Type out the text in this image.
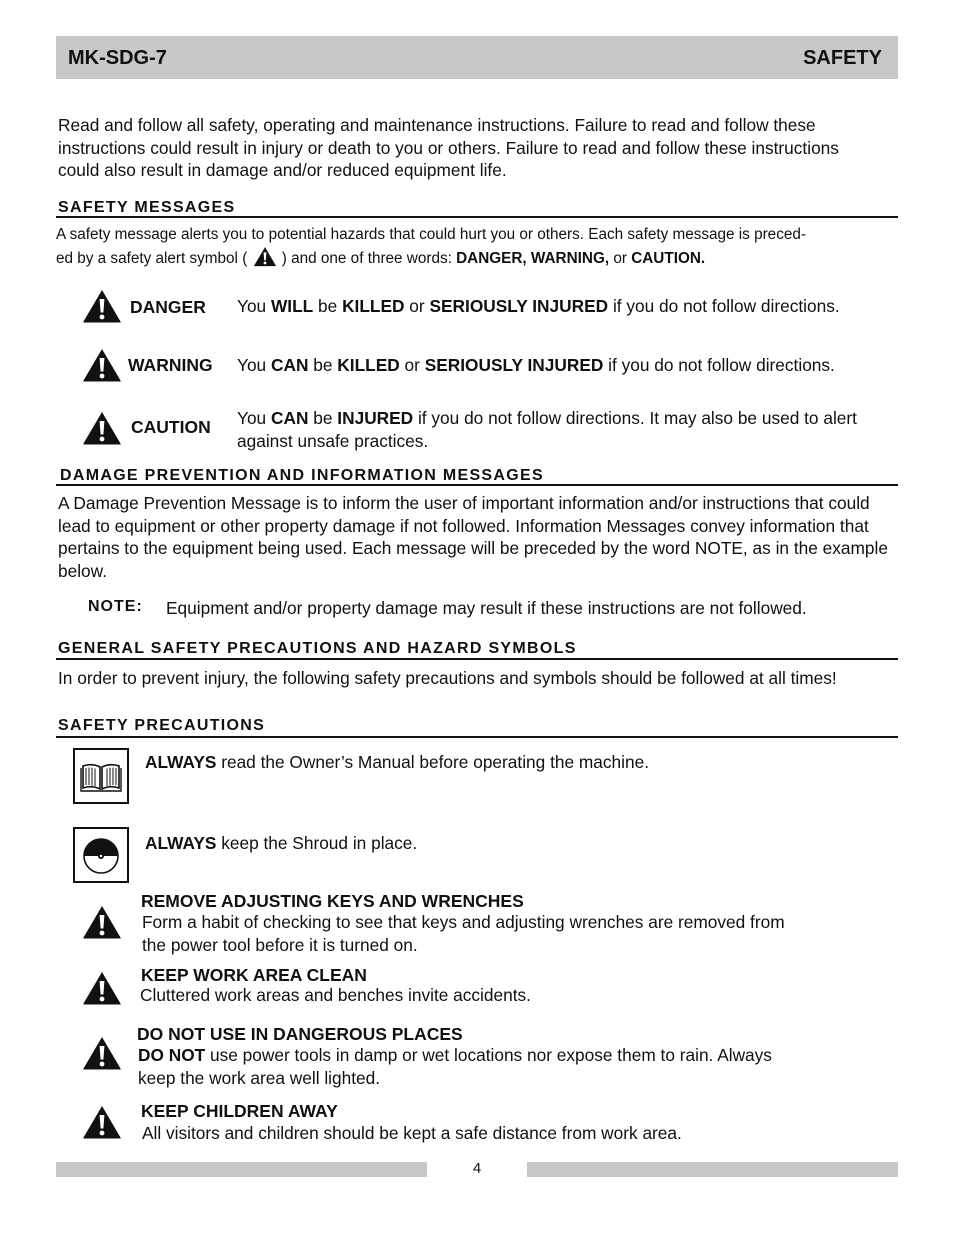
MK-SDG-7	SAFETY
Read and follow all safety, operating and maintenance instructions. Failure to read and follow these instructions could result in injury or death to you or others. Failure to read and follow these instructions could also result in damage and/or reduced equipment life.
SAFETY MESSAGES
A safety message alerts you to potential hazards that could hurt you or others. Each safety message is preced-
ed by a safety alert symbol ( ) and one of three words: DANGER, WARNING, or CAUTION.
DANGER You WILL be KILLED or SERIOUSLY INJURED if you do not follow directions.
WARNING You CAN be KILLED or SERIOUSLY INJURED if you do not follow directions.
CAUTION You CAN be INJURED if you do not follow directions. It may also be used to alert
against unsafe practices.
DAMAGE PREVENTION AND INFORMATION MESSAGES
A Damage Prevention Message is to inform the user of important information and/or instructions that could lead to equipment or other property damage if not followed. Information Messages convey information that pertains to the equipment being used. Each message will be preceded by the word NOTE, as in the example below.
NOTE: Equipment and/or property damage may result if these instructions are not followed.
GENERAL SAFETY PRECAUTIONS AND HAZARD SYMBOLS
In order to prevent injury, the following safety precautions and symbols should be followed at all times!
SAFETY PRECAUTIONS
ALWAYS read the Owner’s Manual before operating the machine.
ALWAYS keep the Shroud in place.
REMOVE ADJUSTING KEYS AND WRENCHES
Form a habit of checking to see that keys and adjusting wrenches are removed from
the power tool before it is turned on.
KEEP WORK AREA CLEAN
Cluttered work areas and benches invite accidents.
DO NOT USE IN DANGEROUS PLACES
DO NOT use power tools in damp or wet locations nor expose them to rain. Always
keep the work area well lighted.
KEEP CHILDREN AWAY
All visitors and children should be kept a safe distance from work area.
4
